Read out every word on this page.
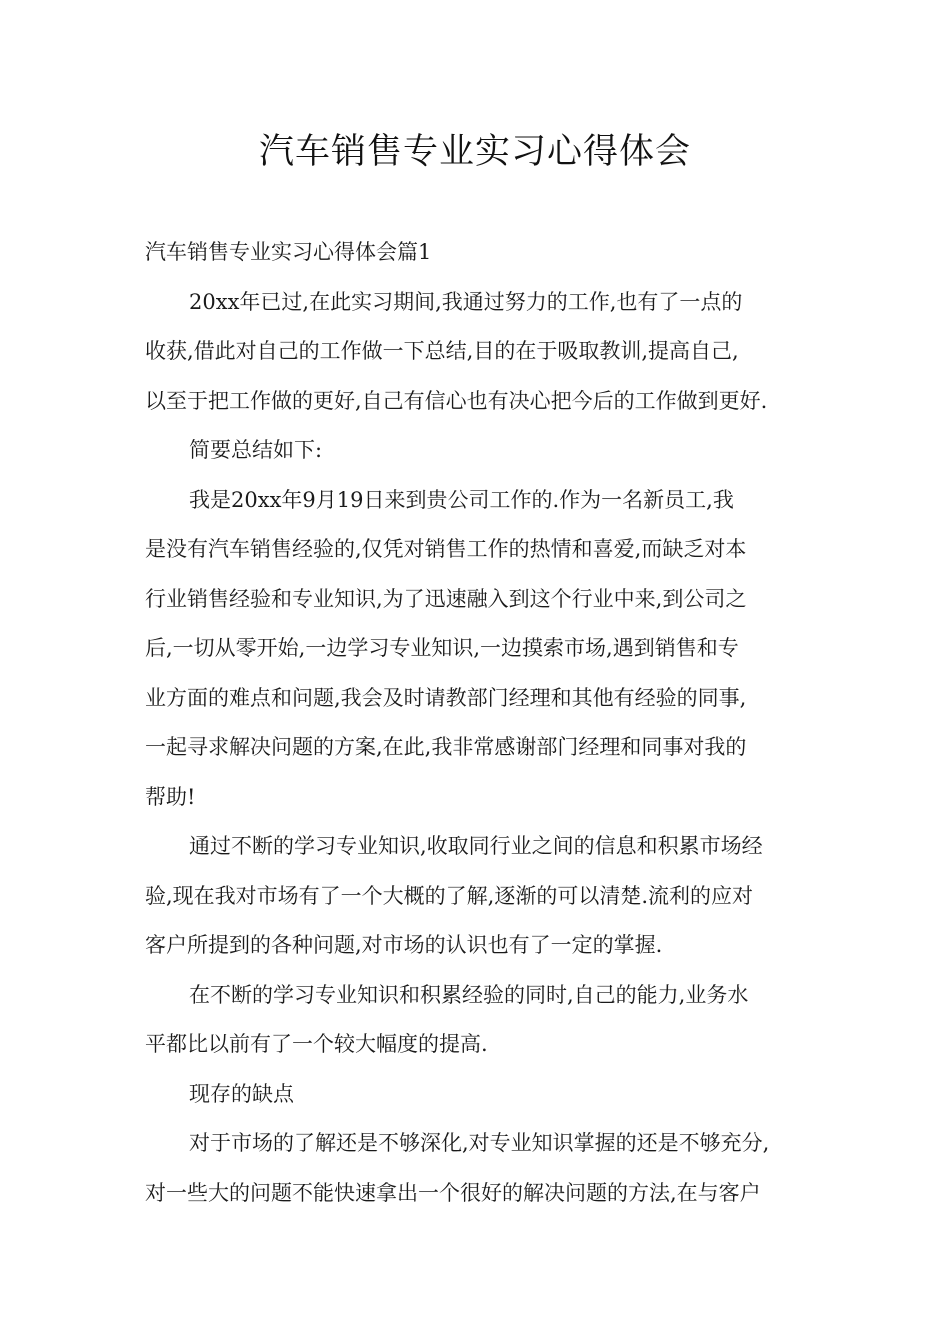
汽车销售专业实习心得体会
汽车销售专业实习心得体会篇1
20xx年已过,在此实习期间,我通过努力的工作,也有了一点的
收获,借此对自己的工作做一下总结,目的在于吸取教训,提高自己,
以至于把工作做的更好,自己有信心也有决心把今后的工作做到更好.
简要总结如下:
我是20xx年9月19日来到贵公司工作的.作为一名新员工,我
是没有汽车销售经验的,仅凭对销售工作的热情和喜爱,而缺乏对本
行业销售经验和专业知识,为了迅速融入到这个行业中来,到公司之
后,一切从零开始,一边学习专业知识,一边摸索市场,遇到销售和专
业方面的难点和问题,我会及时请教部门经理和其他有经验的同事,
一起寻求解决问题的方案,在此,我非常感谢部门经理和同事对我的
帮助!
通过不断的学习专业知识,收取同行业之间的信息和积累市场经
验,现在我对市场有了一个大概的了解,逐渐的可以清楚.流利的应对
客户所提到的各种问题,对市场的认识也有了一定的掌握.
在不断的学习专业知识和积累经验的同时,自己的能力,业务水
平都比以前有了一个较大幅度的提高.
现存的缺点
对于市场的了解还是不够深化,对专业知识掌握的还是不够充分,
对一些大的问题不能快速拿出一个很好的解决问题的方法,在与客户
